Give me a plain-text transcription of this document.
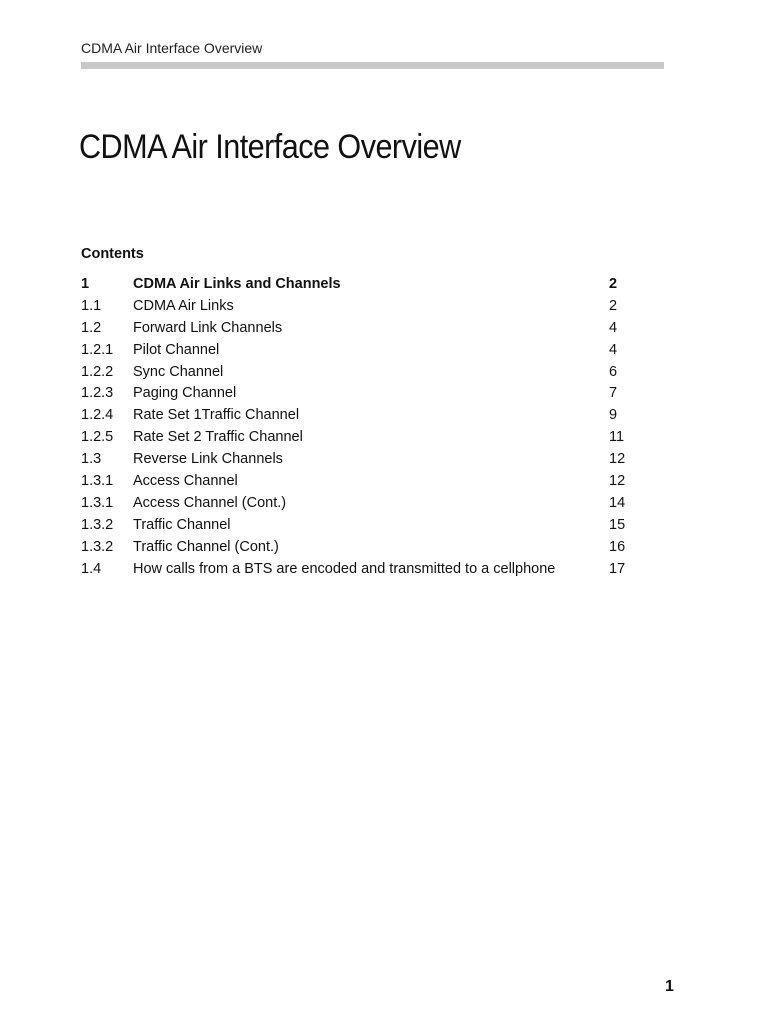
CDMA Air Interface Overview
CDMA Air Interface Overview
Contents
1	CDMA Air Links and Channels	2
1.1 CDMA Air Links	2
1.2 Forward Link Channels	4
1.2.1 Pilot Channel	4
1.2.2 Sync Channel	6
1.2.3 Paging Channel	7
1.2.4 Rate Set 1Traffic Channel	9
1.2.5 Rate Set 2 Traffic Channel	11
1.3 Reverse Link Channels	12
1.3.1 Access Channel	12
1.3.1 Access Channel (Cont.)	14
1.3.2 Traffic Channel	15
1.3.2 Traffic Channel (Cont.)	16
1.4 How calls from a BTS are encoded and transmitted to a cellphone	17
1
